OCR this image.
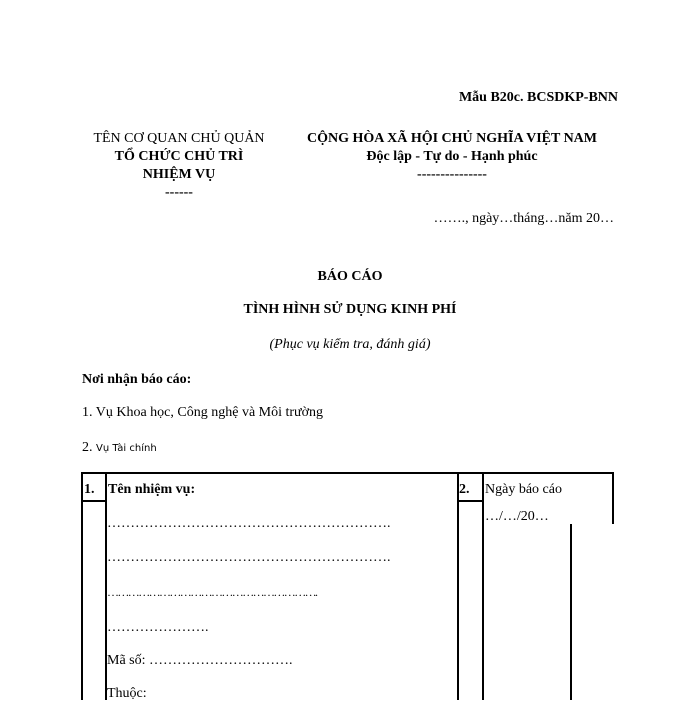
Mẫu B20c. BCSDKP-BNN
TÊN CƠ QUAN CHỦ QUẢN
TỔ CHỨC CHỦ TRÌ
NHIỆM VỤ
------
CỘNG HÒA XÃ HỘI CHỦ NGHĨA VIỆT NAM
Độc lập - Tự do - Hạnh phúc
---------------
……., ngày…tháng…năm 20…
BÁO CÁO
TÌNH HÌNH SỬ DỤNG KINH PHÍ
(Phục vụ kiểm tra, đánh giá)
Nơi nhận báo cáo:
1. Vụ Khoa học, Công nghệ và Môi trường
2. Vụ Tài chính
1. Tên nhiệm vụ:
…………………………………………………….
…………………………………………………….
…………………………………………………….
………………….
Mã số: ………………………….
Thuộc:
2. Ngày báo cáo
…/…/20…
